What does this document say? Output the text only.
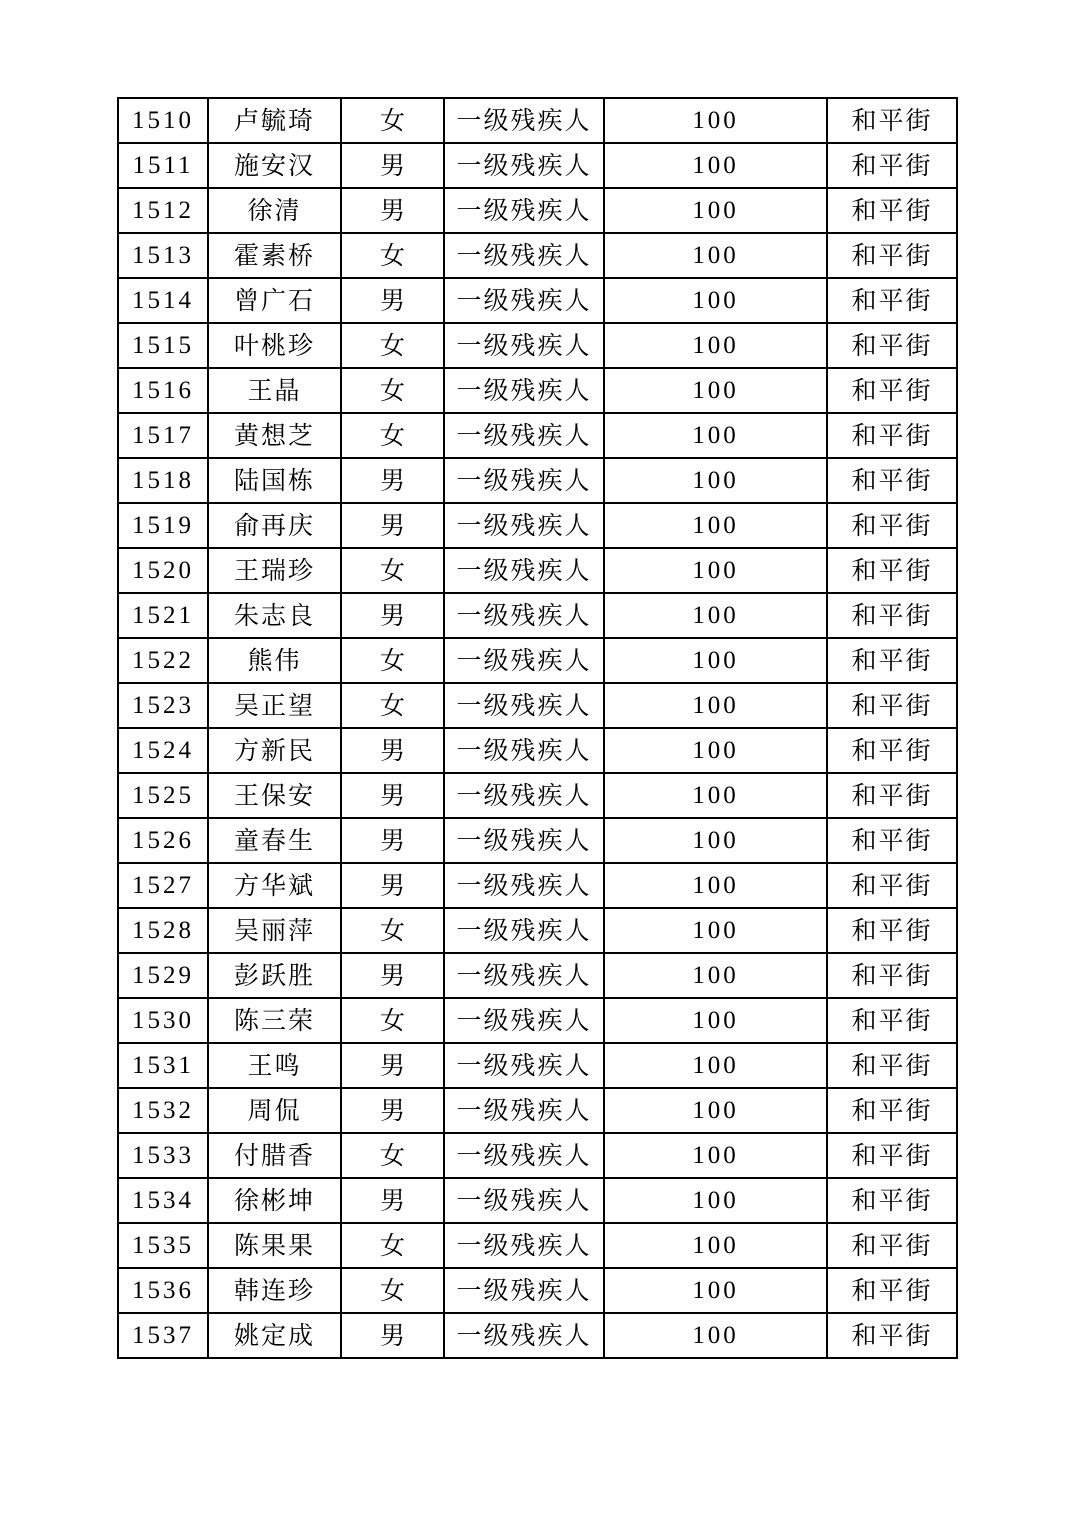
1510	卢毓琦	女	一级残疾人	100	和平街
1511	施安汉	男	一级残疾人	100	和平街
1512	徐清	男	一级残疾人	100	和平街
1513	霍素桥	女	一级残疾人	100	和平街
1514	曾广石	男	一级残疾人	100	和平街
1515	叶桃珍	女	一级残疾人	100	和平街
1516	王晶	女	一级残疾人	100	和平街
1517	黄想芝	女	一级残疾人	100	和平街
1518	陆国栋	男	一级残疾人	100	和平街
1519	俞再庆	男	一级残疾人	100	和平街
1520	王瑞珍	女	一级残疾人	100	和平街
1521	朱志良	男	一级残疾人	100	和平街
1522	熊伟	女	一级残疾人	100	和平街
1523	吴正望	女	一级残疾人	100	和平街
1524	方新民	男	一级残疾人	100	和平街
1525	王保安	男	一级残疾人	100	和平街
1526	童春生	男	一级残疾人	100	和平街
1527	方华斌	男	一级残疾人	100	和平街
1528	吴丽萍	女	一级残疾人	100	和平街
1529	彭跃胜	男	一级残疾人	100	和平街
1530	陈三荣	女	一级残疾人	100	和平街
1531	王鸣	男	一级残疾人	100	和平街
1532	周侃	男	一级残疾人	100	和平街
1533	付腊香	女	一级残疾人	100	和平街
1534	徐彬坤	男	一级残疾人	100	和平街
1535	陈果果	女	一级残疾人	100	和平街
1536	韩连珍	女	一级残疾人	100	和平街
1537	姚定成	男	一级残疾人	100	和平街
